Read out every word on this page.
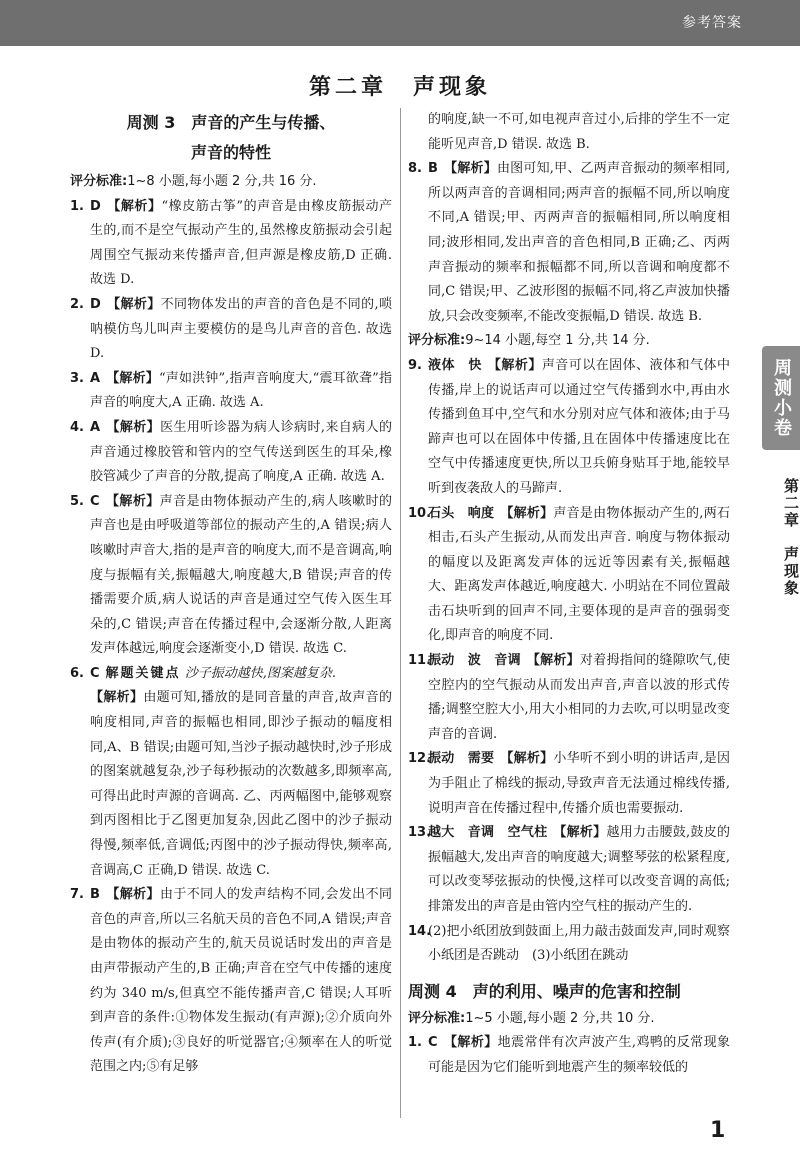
参考答案
第二章　声现象
周测 3　声音的产生与传播、
声音的特性
评分标准:1~8 小题,每小题 2 分,共 16 分.
1. D 【解析】“橡皮筋古筝”的声音是由橡皮筋振动产生的,而不是空气振动产生的,虽然橡皮筋振动会引起周围空气振动来传播声音,但声源是橡皮筋,D 正确. 故选 D.
2. D 【解析】不同物体发出的声音的音色是不同的,唢呐模仿鸟儿叫声主要模仿的是鸟儿声音的音色. 故选 D.
3. A 【解析】“声如洪钟”,指声音响度大,“震耳欲聋”指声音的响度大,A 正确. 故选 A.
4. A 【解析】医生用听诊器为病人诊病时,来自病人的声音通过橡胶管和管内的空气传送到医生的耳朵,橡胶管减少了声音的分散,提高了响度,A 正确. 故选 A.
5. C 【解析】声音是由物体振动产生的,病人咳嗽时的声音也是由呼吸道等部位的振动产生的,A 错误;病人咳嗽时声音大,指的是声音的响度大,而不是音调高,响度与振幅有关,振幅越大,响度越大,B 错误;声音的传播需要介质,病人说话的声音是通过空气传入医生耳朵的,C 错误;声音在传播过程中,会逐渐分散,人距离发声体越远,响度会逐渐变小,D 错误. 故选 C.
6. C 解题关键点 沙子振动越快,图案越复杂.
【解析】由题可知,播放的是同音量的声音,故声音的响度相同,声音的振幅也相同,即沙子振动的幅度相同,A、B 错误;由题可知,当沙子振动越快时,沙子形成的图案就越复杂,沙子每秒振动的次数越多,即频率高,可得出此时声源的音调高. 乙、丙两幅图中,能够观察到丙图相比于乙图更加复杂,因此乙图中的沙子振动得慢,频率低,音调低;丙图中的沙子振动得快,频率高,音调高,C 正确,D 错误. 故选 C.
7. B 【解析】由于不同人的发声结构不同,会发出不同音色的声音,所以三名航天员的音色不同,A 错误;声音是由物体的振动产生的,航天员说话时发出的声音是由声带振动产生的,B 正确;声音在空气中传播的速度约为 340 m/s,但真空不能传播声音,C 错误;人耳听到声音的条件:①物体发生振动(有声源);②介质向外传声(有介质);③良好的听觉器官;④频率在人的听觉范围之内;⑤有足够
的响度,缺一不可,如电视声音过小,后排的学生不一定能听见声音,D 错误. 故选 B.
8. B 【解析】由图可知,甲、乙两声音振动的频率相同,所以两声音的音调相同;两声音的振幅不同,所以响度不同,A 错误;甲、丙两声音的振幅相同,所以响度相同;波形相同,发出声音的音色相同,B 正确;乙、丙两声音振动的频率和振幅都不同,所以音调和响度都不同,C 错误;甲、乙波形图的振幅不同,将乙声波加快播放,只会改变频率,不能改变振幅,D 错误. 故选 B.
评分标准:9~14 小题,每空 1 分,共 14 分.
9. 液体　快 【解析】声音可以在固体、液体和气体中传播,岸上的说话声可以通过空气传播到水中,再由水传播到鱼耳中,空气和水分别对应气体和液体;由于马蹄声也可以在固体中传播,且在固体中传播速度比在空气中传播速度更快,所以卫兵俯身贴耳于地,能较早听到夜袭敌人的马蹄声.
10.
石头　响度 【解析】声音是由物体振动产生的,两石相击,石头产生振动,从而发出声音. 响度与物体振动的幅度以及距离发声体的远近等因素有关,振幅越大、距离发声体越近,响度越大. 小明站在不同位置敲击石块听到的回声不同,主要体现的是声音的强弱变化,即声音的响度不同.
11.
振动　波　音调 【解析】对着拇指间的缝隙吹气,使空腔内的空气振动从而发出声音,声音以波的形式传播;调整空腔大小,用大小相同的力去吹,可以明显改变声音的音调.
12.
振动　需要 【解析】小华听不到小明的讲话声,是因为手阻止了棉线的振动,导致声音无法通过棉线传播,说明声音在传播过程中,传播介质也需要振动.
13.
越大　音调　空气柱 【解析】越用力击腰鼓,鼓皮的振幅越大,发出声音的响度越大;调整琴弦的松紧程度,可以改变琴弦振动的快慢,这样可以改变音调的高低;排箫发出的声音是由管内空气柱的振动产生的.
14.
(2)把小纸团放到鼓面上,用力敲击鼓面发声,同时观察小纸团是否跳动　(3)小纸团在跳动
周测 4　声的利用、噪声的危害和控制
评分标准:1~5 小题,每小题 2 分,共 10 分.
1. C 【解析】地震常伴有次声波产生,鸡鸭的反常现象可能是因为它们能听到地震产生的频率较低的
周测小卷
第二章　声现象
1
